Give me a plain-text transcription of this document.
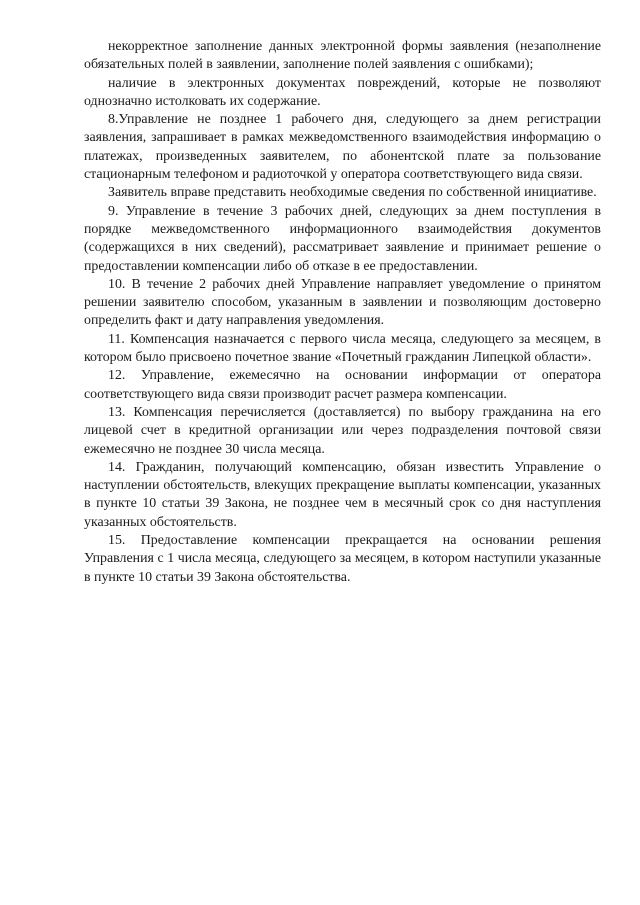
некорректное заполнение данных электронной формы заявления (незаполнение обязательных полей в заявлении, заполнение полей заявления с ошибками);

наличие в электронных документах повреждений, которые не позволяют однозначно истолковать их содержание.

8.Управление не позднее 1 рабочего дня, следующего за днем регистрации заявления, запрашивает в рамках межведомственного взаимодействия информацию о платежах, произведенных заявителем, по абонентской плате за пользование стационарным телефоном и радиоточкой у оператора соответствующего вида связи.

Заявитель вправе представить необходимые сведения по собственной инициативе.

9. Управление в течение 3 рабочих дней, следующих за днем поступления в порядке межведомственного информационного взаимодействия документов (содержащихся в них сведений), рассматривает заявление и принимает решение о предоставлении компенсации либо об отказе в ее предоставлении.

10. В течение 2 рабочих дней Управление направляет уведомление о принятом решении заявителю способом, указанным в заявлении и позволяющим достоверно определить факт и дату направления уведомления.

11. Компенсация назначается с первого числа месяца, следующего за месяцем, в котором было присвоено почетное звание «Почетный гражданин Липецкой области».

12. Управление, ежемесячно на основании информации от оператора соответствующего вида связи производит расчет размера компенсации.

13. Компенсация перечисляется (доставляется) по выбору гражданина на его лицевой счет в кредитной организации или через подразделения почтовой связи ежемесячно не позднее 30 числа месяца.

14. Гражданин, получающий компенсацию, обязан известить Управление о наступлении обстоятельств, влекущих прекращение выплаты компенсации, указанных в пункте 10 статьи 39 Закона, не позднее чем в месячный срок со дня наступления указанных обстоятельств.

15. Предоставление компенсации прекращается на основании решения Управления с 1 числа месяца, следующего за месяцем, в котором наступили указанные в пункте 10 статьи 39 Закона обстоятельства.
